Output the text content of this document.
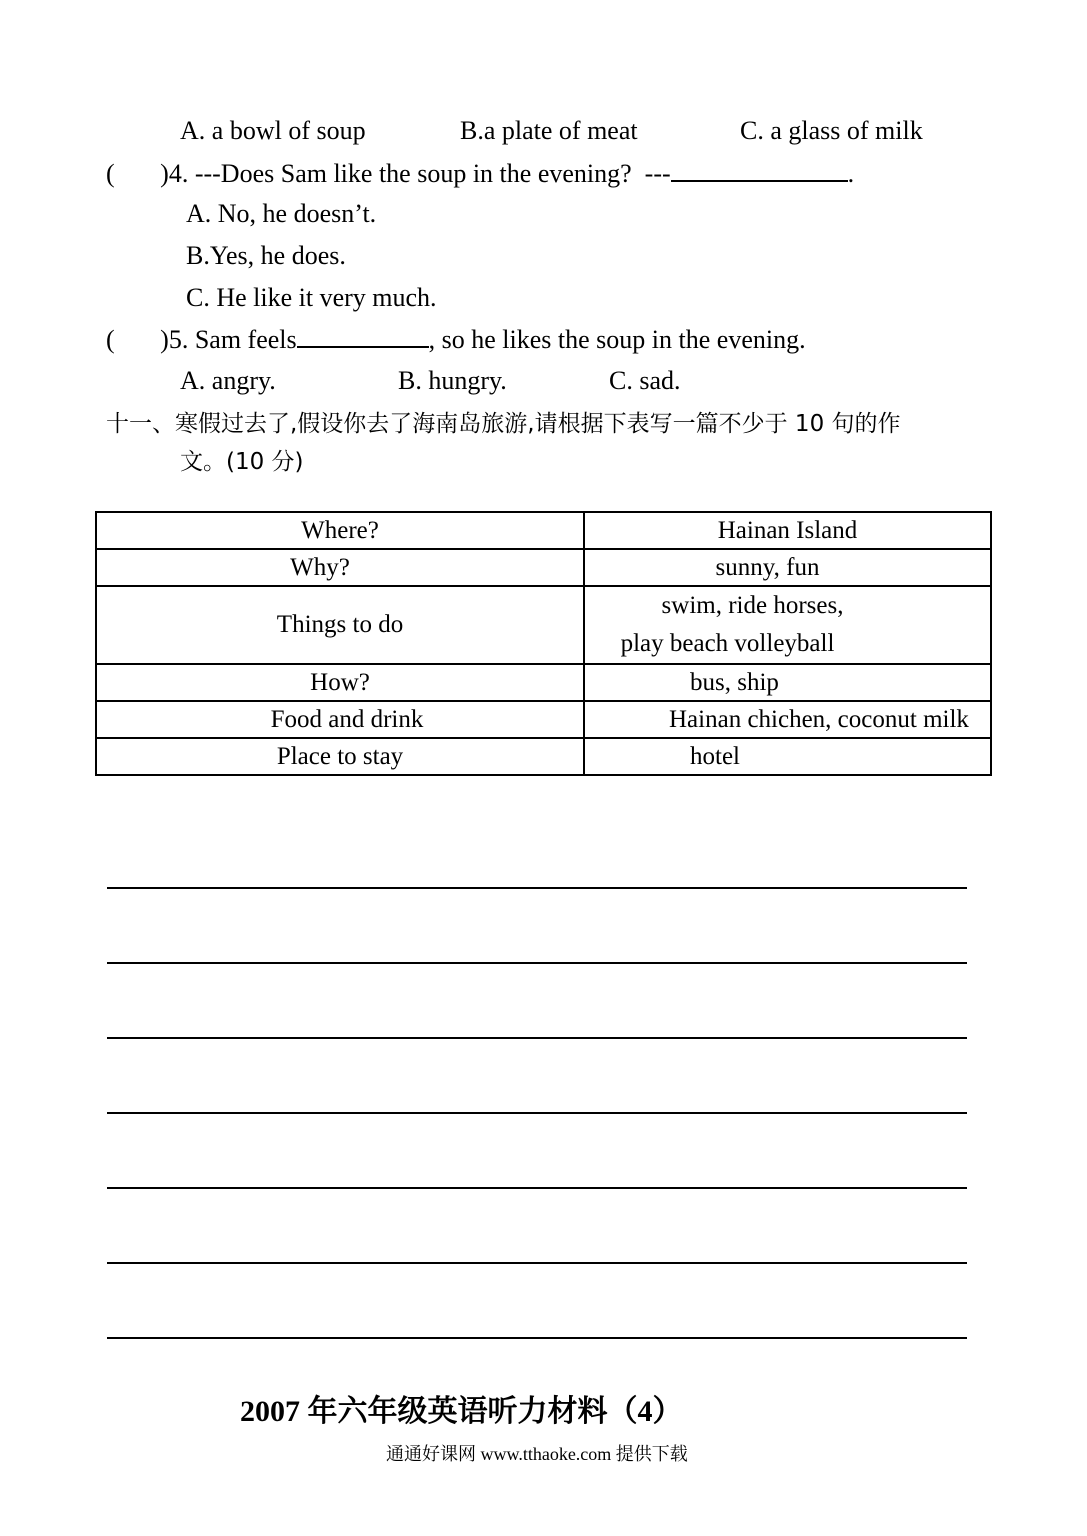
A. a bowl of soup	B.a plate of meat	C. a glass of milk
(       )4. ---Does Sam like the soup in the evening?  ---	.
A. No, he doesn’t.
B.Yes, he does.
C. He like it very much.
(       )5. Sam feels	, so he likes the soup in the evening.
A. angry.	B. hungry.	C. sad.
十一、寒假过去了,假设你去了海南岛旅游,请根据下表写一篇不少于 10 句的作
文。(10 分)
Where?	Hainan Island
Why?	sunny, fun
Things to do	swim, ride horses,
play beach volleyball

How?	bus, ship
Food and drink	Hainan chichen, coconut milk
Place to stay	hotel
2007 年六年级英语听力材料（4）
通通好课网 www.tthaoke.com 提供下载
